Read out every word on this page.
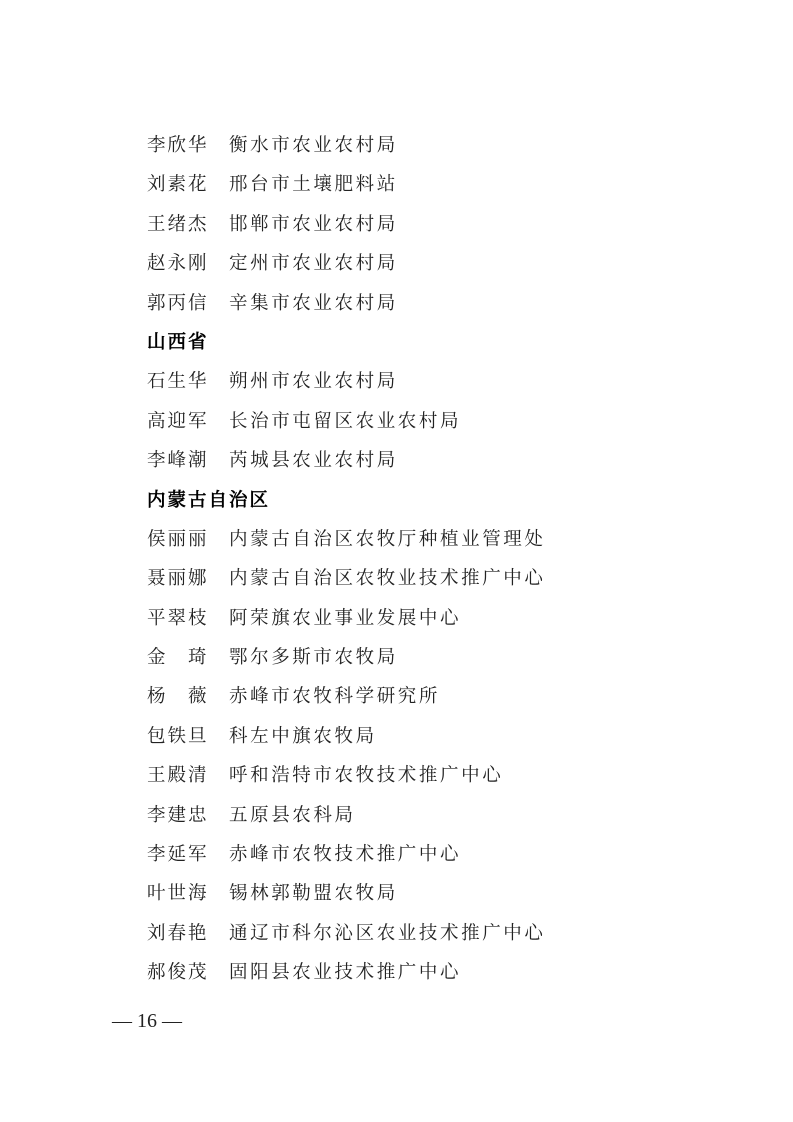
李欣华	衡水市农业农村局
刘素花	邢台市土壤肥料站
王绪杰	邯郸市农业农村局
赵永刚	定州市农业农村局
郭丙信	辛集市农业农村局
山西省
石生华	朔州市农业农村局
高迎军	长治市屯留区农业农村局
李峰潮	芮城县农业农村局
内蒙古自治区
侯丽丽	内蒙古自治区农牧厅种植业管理处
聂丽娜	内蒙古自治区农牧业技术推广中心
平翠枝	阿荣旗农业事业发展中心
金　琦	鄂尔多斯市农牧局
杨　薇	赤峰市农牧科学研究所
包铁旦	科左中旗农牧局
王殿清	呼和浩特市农牧技术推广中心
李建忠	五原县农科局
李延军	赤峰市农牧技术推广中心
叶世海	锡林郭勒盟农牧局
刘春艳	通辽市科尔沁区农业技术推广中心
郝俊茂	固阳县农业技术推广中心
— 16 —
